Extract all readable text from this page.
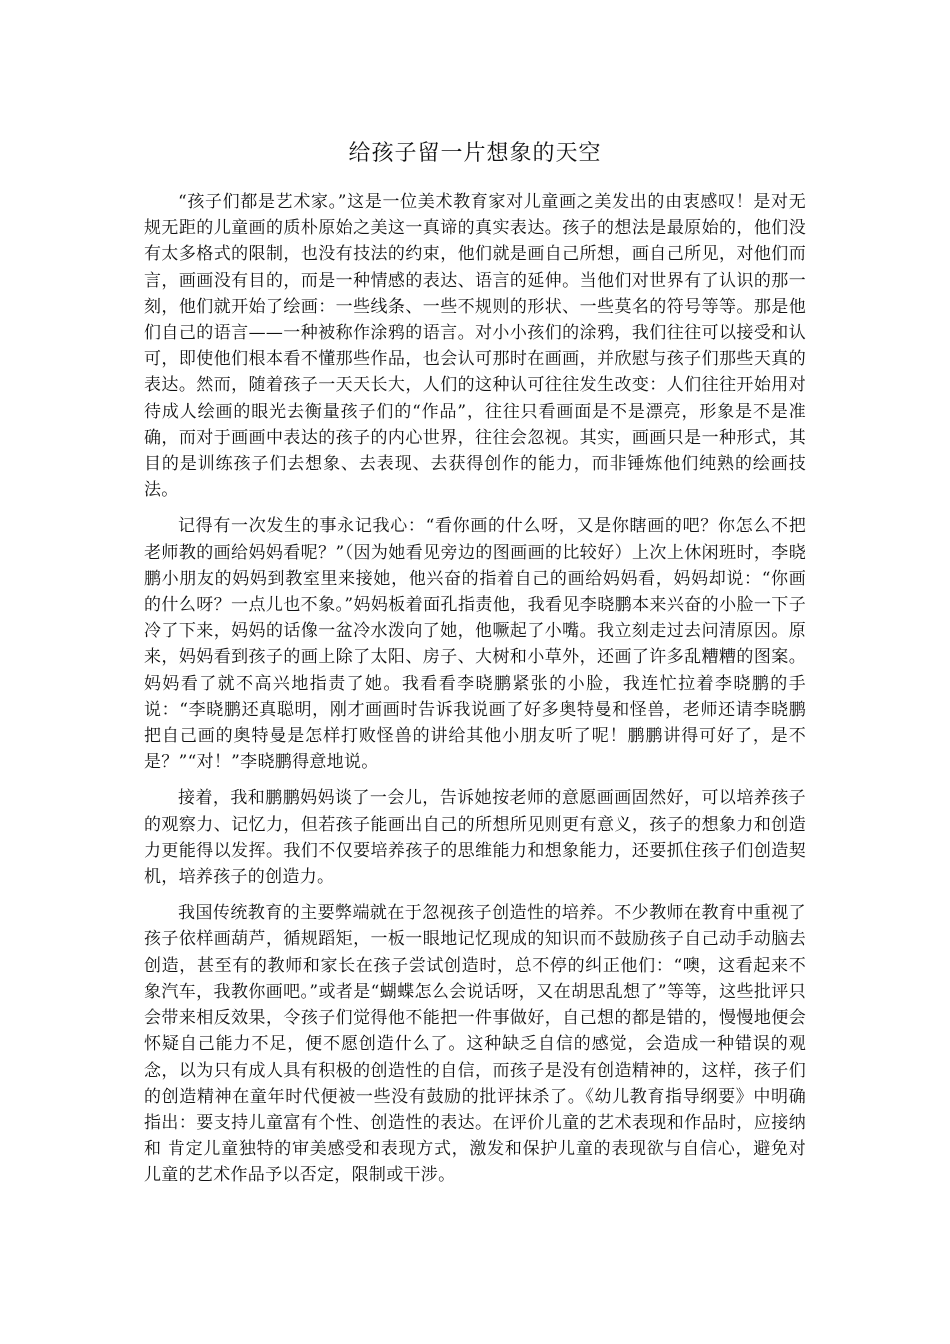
给孩子留一片想象的天空

“孩子们都是艺术家。”这是一位美术教育家对儿童画之美发出的由衷感叹！是对无规无距的儿童画的质朴原始之美这一真谛的真实表达。孩子的想法是最原始的，他们没有太多格式的限制，也没有技法的约束，他们就是画自己所想，画自己所见，对他们而言，画画没有目的，而是一种情感的表达、语言的延伸。当他们对世界有了认识的那一刻，他们就开始了绘画：一些线条、一些不规则的形状、一些莫名的符号等等。那是他们自己的语言——一种被称作涂鸦的语言。对小小孩们的涂鸦，我们往往可以接受和认可，即使他们根本看不懂那些作品，也会认可那时在画画，并欣慰与孩子们那些天真的表达。然而，随着孩子一天天长大，人们的这种认可往往发生改变：人们往往开始用对待成人绘画的眼光去衡量孩子们的“作品”，往往只看画面是不是漂亮，形象是不是准确，而对于画画中表达的孩子的内心世界，往往会忽视。其实，画画只是一种形式，其目的是训练孩子们去想象、去表现、去获得创作的能力，而非锤炼他们纯熟的绘画技法。

记得有一次发生的事永记我心：“看你画的什么呀，又是你瞎画的吧？你怎么不把老师教的画给妈妈看呢？”（因为她看见旁边的图画画的比较好）上次上休闲班时，李晓鹏小朋友的妈妈到教室里来接她，他兴奋的指着自己的画给妈妈看，妈妈却说：“你画的什么呀？一点儿也不象。”妈妈板着面孔指责他，我看见李晓鹏本来兴奋的小脸一下子冷了下来，妈妈的话像一盆冷水泼向了她，他噘起了小嘴。我立刻走过去问清原因。原来，妈妈看到孩子的画上除了太阳、房子、大树和小草外，还画了许多乱糟糟的图案。妈妈看了就不高兴地指责了她。我看看李晓鹏紧张的小脸，我连忙拉着李晓鹏的手说：“李晓鹏还真聪明，刚才画画时告诉我说画了好多奥特曼和怪兽，老师还请李晓鹏把自己画的奥特曼是怎样打败怪兽的讲给其他小朋友听了呢！鹏鹏讲得可好了，是不是？”“对！”李晓鹏得意地说。

接着，我和鹏鹏妈妈谈了一会儿，告诉她按老师的意愿画画固然好，可以培养孩子的观察力、记忆力，但若孩子能画出自己的所想所见则更有意义，孩子的想象力和创造力更能得以发挥。我们不仅要培养孩子的思维能力和想象能力，还要抓住孩子们创造契机，培养孩子的创造力。

我国传统教育的主要弊端就在于忽视孩子创造性的培养。不少教师在教育中重视了孩子依样画葫芦，循规蹈矩，一板一眼地记忆现成的知识而不鼓励孩子自己动手动脑去创造，甚至有的教师和家长在孩子尝试创造时，总不停的纠正他们：“噢，这看起来不象汽车，我教你画吧。”或者是“蝴蝶怎么会说话呀，又在胡思乱想了”等等，这些批评只会带来相反效果，令孩子们觉得他不能把一件事做好，自己想的都是错的，慢慢地便会怀疑自己能力不足，便不愿创造什么了。这种缺乏自信的感觉，会造成一种错误的观念，以为只有成人具有积极的创造性的自信，而孩子是没有创造精神的，这样，孩子们的创造精神在童年时代便被一些没有鼓励的批评抹杀了。《幼儿教育指导纲要》中明确指出：要支持儿童富有个性、创造性的表达。在评价儿童的艺术表现和作品时，应接纳和 肯定儿童独特的审美感受和表现方式，激发和保护儿童的表现欲与自信心，避免对儿童的艺术作品予以否定，限制或干涉。
